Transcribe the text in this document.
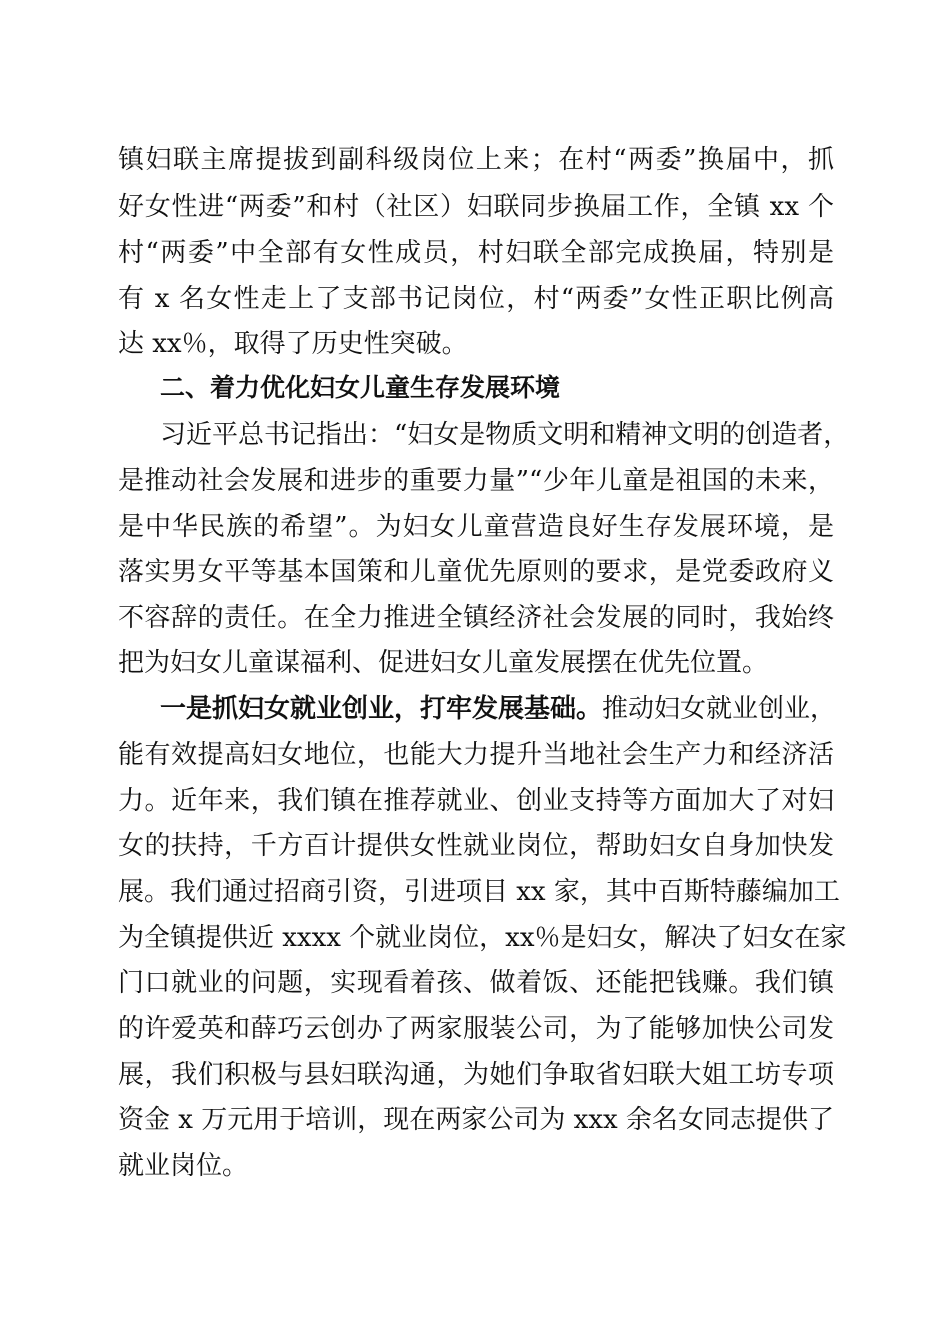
镇妇联主席提拔到副科级岗位上来；在村“两委”换届中，抓
好女性进“两委”和村（社区）妇联同步换届工作，全镇 xx 个
村“两委”中全部有女性成员，村妇联全部完成换届，特别是
有 x 名女性走上了支部书记岗位，村“两委”女性正职比例高
达 xx％，取得了历史性突破。
二、着力优化妇女儿童生存发展环境
习近平总书记指出：“妇女是物质文明和精神文明的创造者，
是推动社会发展和进步的重要力量”“少年儿童是祖国的未来，
是中华民族的希望”。为妇女儿童营造良好生存发展环境，是
落实男女平等基本国策和儿童优先原则的要求，是党委政府义
不容辞的责任。在全力推进全镇经济社会发展的同时，我始终
把为妇女儿童谋福利、促进妇女儿童发展摆在优先位置。
一是抓妇女就业创业，打牢发展基础。推动妇女就业创业，
能有效提高妇女地位，也能大力提升当地社会生产力和经济活
力。近年来，我们镇在推荐就业、创业支持等方面加大了对妇
女的扶持，千方百计提供女性就业岗位，帮助妇女自身加快发
展。我们通过招商引资，引进项目 xx 家，其中百斯特藤编加工
为全镇提供近 xxxx 个就业岗位，xx％是妇女，解决了妇女在家
门口就业的问题，实现看着孩、做着饭、还能把钱赚。我们镇
的许爱英和薛巧云创办了两家服装公司，为了能够加快公司发
展，我们积极与县妇联沟通，为她们争取省妇联大姐工坊专项
资金 x 万元用于培训，现在两家公司为 xxx 余名女同志提供了
就业岗位。
